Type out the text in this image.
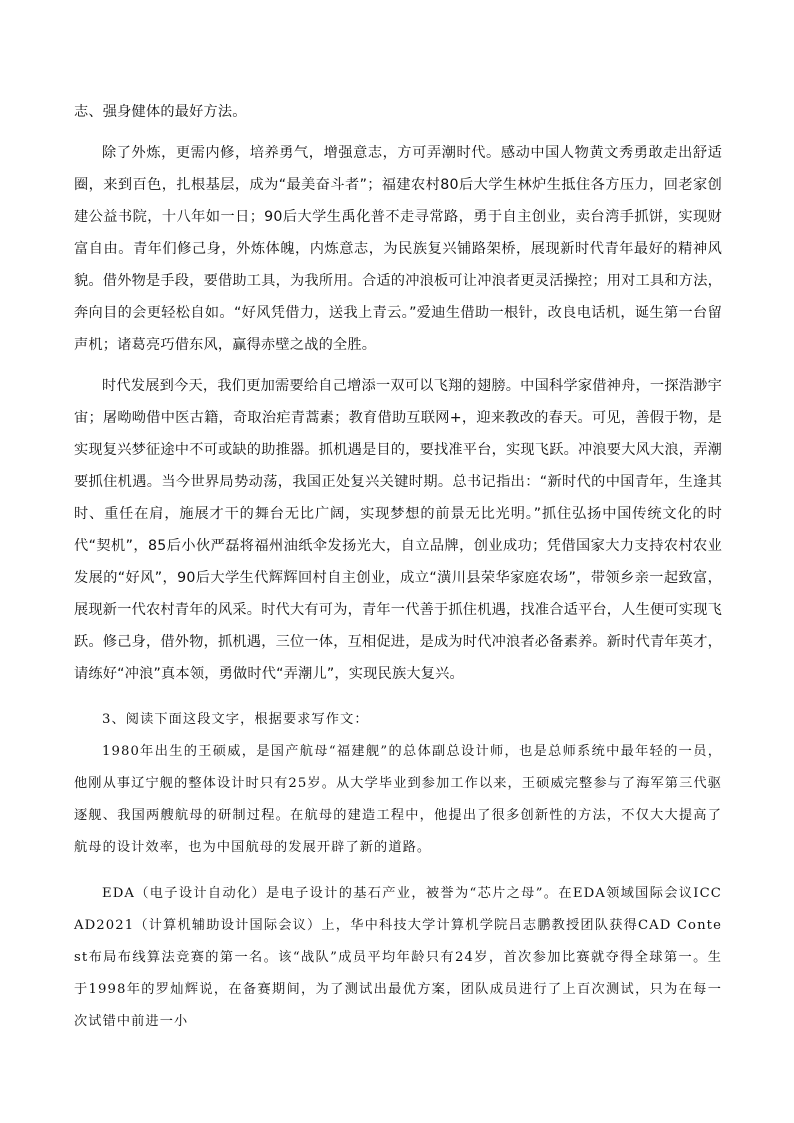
志、强身健体的最好方法。

除了外炼，更需内修，培养勇气，增强意志，方可弄潮时代。感动中国人物黄文秀勇敢走出舒适圈，来到百色，扎根基层，成为“最美奋斗者”；福建农村80后大学生林炉生抵住各方压力，回老家创建公益书院，十八年如一日；90后大学生禹化普不走寻常路，勇于自主创业，卖台湾手抓饼，实现财富自由。青年们修己身，外炼体魄，内炼意志，为民族复兴铺路架桥，展现新时代青年最好的精神风貌。借外物是手段，要借助工具，为我所用。合适的冲浪板可让冲浪者更灵活操控；用对工具和方法，奔向目的会更轻松自如。“好风凭借力，送我上青云。”爱迪生借助一根针，改良电话机，诞生第一台留声机；诸葛亮巧借东风，赢得赤壁之战的全胜。

时代发展到今天，我们更加需要给自己增添一双可以飞翔的翅膀。中国科学家借神舟，一探浩渺宇宙；屠呦呦借中医古籍，奇取治疟青蒿素；教育借助互联网+，迎来教改的春天。可见，善假于物，是实现复兴梦征途中不可或缺的助推器。抓机遇是目的，要找准平台，实现飞跃。冲浪要大风大浪，弄潮要抓住机遇。当今世界局势动荡，我国正处复兴关键时期。总书记指出：“新时代的中国青年，生逢其时、重任在肩，施展才干的舞台无比广阔，实现梦想的前景无比光明。”抓住弘扬中国传统文化的时代“契机”，85后小伙严磊将福州油纸伞发扬光大，自立品牌，创业成功；凭借国家大力支持农村农业发展的“好风”，90后大学生代辉辉回村自主创业，成立“潢川县荣华家庭农场”，带领乡亲一起致富，展现新一代农村青年的风采。时代大有可为，青年一代善于抓住机遇，找准合适平台，人生便可实现飞跃。修己身，借外物，抓机遇，三位一体，互相促进，是成为时代冲浪者必备素养。新时代青年英才，请练好“冲浪”真本领，勇做时代“弄潮儿”，实现民族大复兴。

3、阅读下面这段文字，根据要求写作文：

1980年出生的王硕威，是国产航母“福建舰”的总体副总设计师，也是总师系统中最年轻的一员，他刚从事辽宁舰的整体设计时只有25岁。从大学毕业到参加工作以来，王硕威完整参与了海军第三代驱逐舰、我国两艘航母的研制过程。在航母的建造工程中，他提出了很多创新性的方法，不仅大大提高了航母的设计效率，也为中国航母的发展开辟了新的道路。

EDA（电子设计自动化）是电子设计的基石产业，被誉为“芯片之母”。在EDA领域国际会议ICCAD2021（计算机辅助设计国际会议）上，华中科技大学计算机学院吕志鹏教授团队获得CAD Contest布局布线算法竞赛的第一名。该“战队”成员平均年龄只有24岁，首次参加比赛就夺得全球第一。生于1998年的罗灿辉说，在备赛期间，为了测试出最优方案，团队成员进行了上百次测试，只为在每一次试错中前进一小
